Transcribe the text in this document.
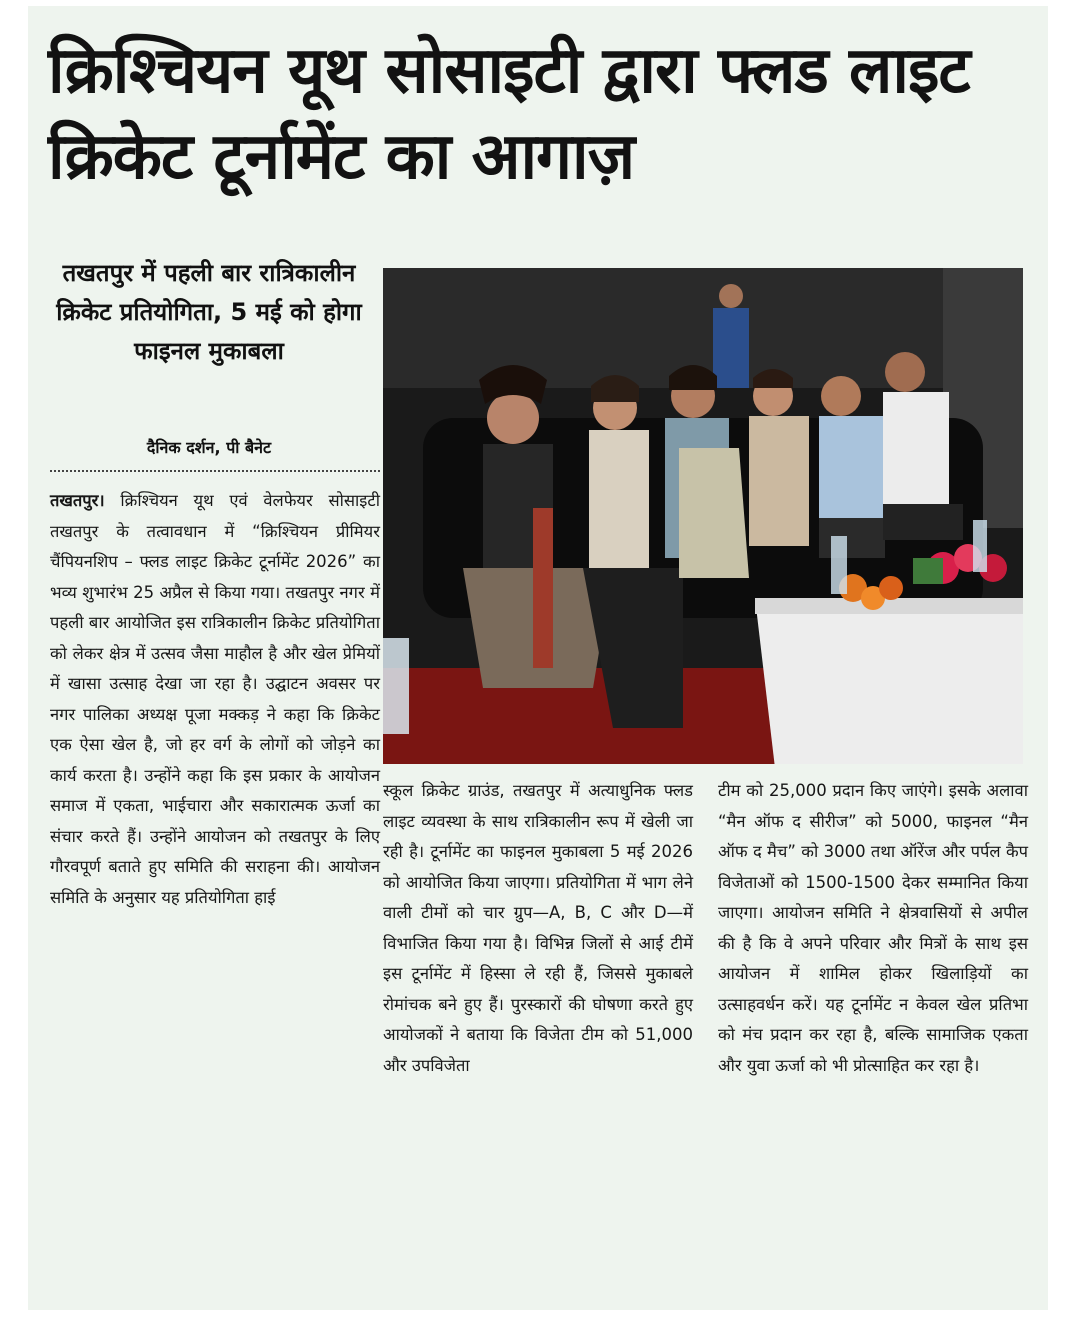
क्रिश्चियन यूथ सोसाइटी द्वारा फ्लड लाइट क्रिकेट टूर्नामेंट का आगाज़
तखतपुर में पहली बार रात्रिकालीन क्रिकेट प्रतियोगिता, 5 मई को होगा फाइनल मुकाबला
दैनिक दर्शन, पी बैनेट
तखतपुर। क्रिश्चियन यूथ एवं वेलफेयर सोसाइटी तखतपुर के तत्वावधान में “क्रिश्चियन प्रीमियर चैंपियनशिप – फ्लड लाइट क्रिकेट टूर्नामेंट 2026” का भव्य शुभारंभ 25 अप्रैल से किया गया। तखतपुर नगर में पहली बार आयोजित इस रात्रिकालीन क्रिकेट प्रतियोगिता को लेकर क्षेत्र में उत्सव जैसा माहौल है और खेल प्रेमियों में खासा उत्साह देखा जा रहा है। उद्घाटन अवसर पर नगर पालिका अध्यक्ष पूजा मक्कड़ ने कहा कि क्रिकेट एक ऐसा खेल है, जो हर वर्ग के लोगों को जोड़ने का कार्य करता है। उन्होंने कहा कि इस प्रकार के आयोजन समाज में एकता, भाईचारा और सकारात्मक ऊर्जा का संचार करते हैं। उन्होंने आयोजन को तखतपुर के लिए गौरवपूर्ण बताते हुए समिति की सराहना की। आयोजन समिति के अनुसार यह प्रतियोगिता हाई
स्कूल क्रिकेट ग्राउंड, तखतपुर में अत्याधुनिक फ्लड लाइट व्यवस्था के साथ रात्रिकालीन रूप में खेली जा रही है। टूर्नामेंट का फाइनल मुकाबला 5 मई 2026 को आयोजित किया जाएगा। प्रतियोगिता में भाग लेने वाली टीमों को चार ग्रुप—A, B, C और D—में विभाजित किया गया है। विभिन्न जिलों से आई टीमें इस टूर्नामेंट में हिस्सा ले रही हैं, जिससे मुकाबले रोमांचक बने हुए हैं। पुरस्कारों की घोषणा करते हुए आयोजकों ने बताया कि विजेता टीम को 51,000 और उपविजेता
टीम को 25,000 प्रदान किए जाएंगे। इसके अलावा “मैन ऑफ द सीरीज” को 5000, फाइनल “मैन ऑफ द मैच” को 3000 तथा ऑरेंज और पर्पल कैप विजेताओं को 1500-1500 देकर सम्मानित किया जाएगा। आयोजन समिति ने क्षेत्रवासियों से अपील की है कि वे अपने परिवार और मित्रों के साथ इस आयोजन में शामिल होकर खिलाड़ियों का उत्साहवर्धन करें। यह टूर्नामेंट न केवल खेल प्रतिभा को मंच प्रदान कर रहा है, बल्कि सामाजिक एकता और युवा ऊर्जा को भी प्रोत्साहित कर रहा है।
